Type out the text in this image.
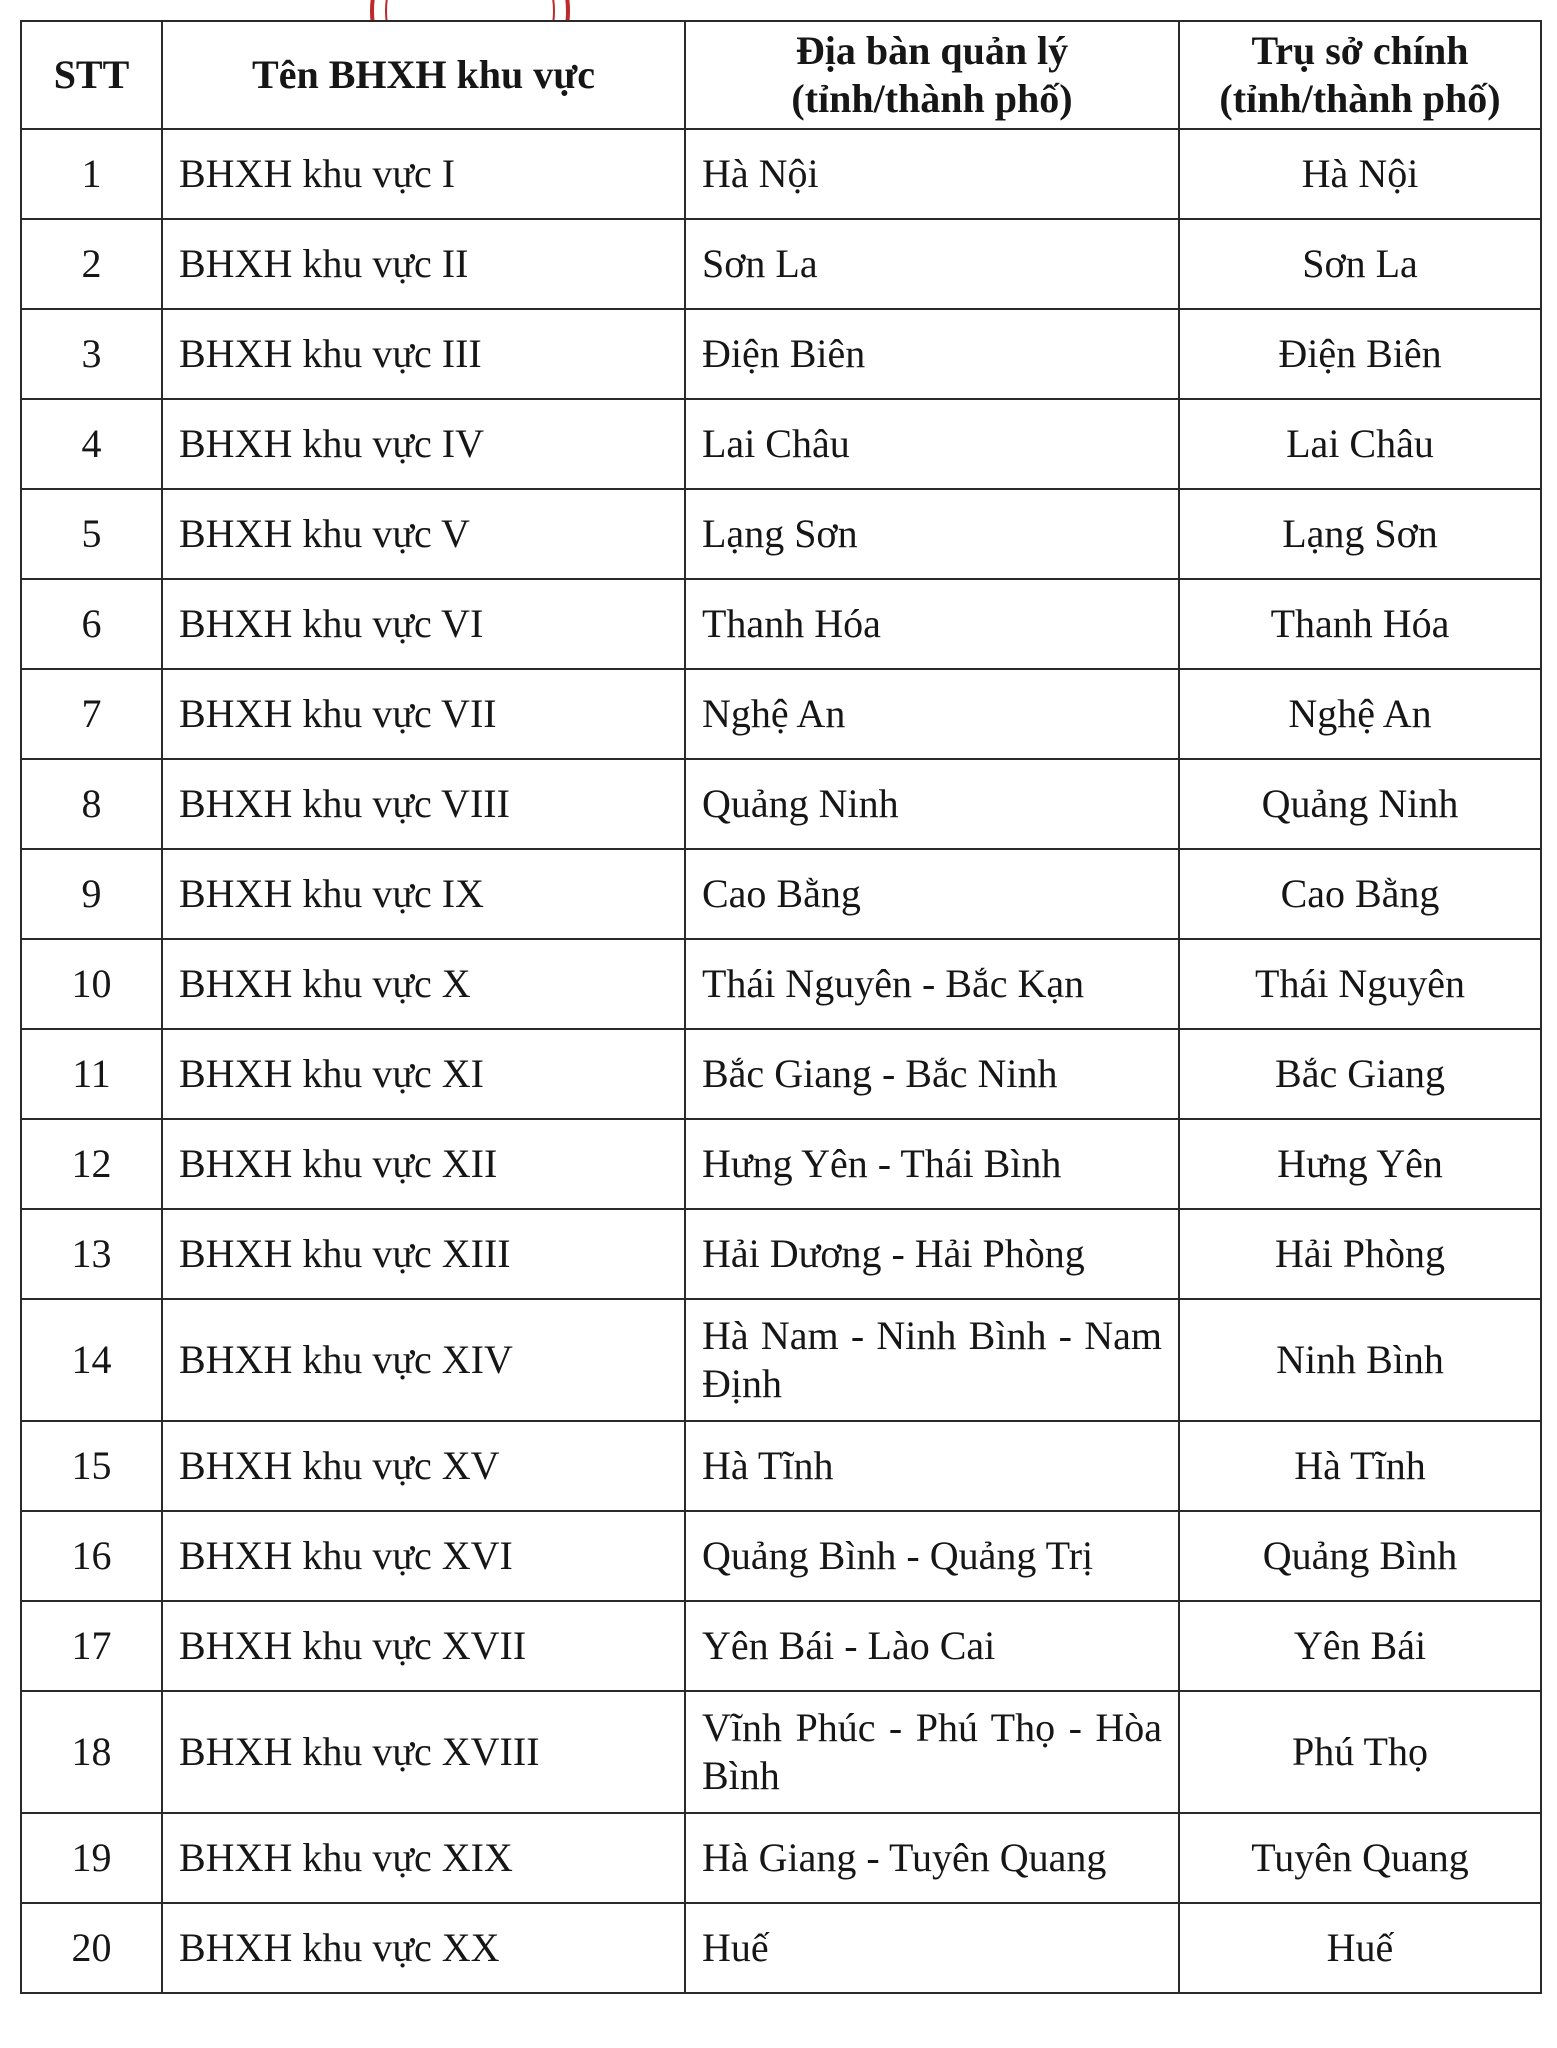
STT	Tên BHXH khu vực	Địa bàn quản lý (tỉnh/thành phố)	Trụ sở chính (tỉnh/thành phố)
1	BHXH khu vực I	Hà Nội	Hà Nội
2	BHXH khu vực II	Sơn La	Sơn La
3	BHXH khu vực III	Điện Biên	Điện Biên
4	BHXH khu vực IV	Lai Châu	Lai Châu
5	BHXH khu vực V	Lạng Sơn	Lạng Sơn
6	BHXH khu vực VI	Thanh Hóa	Thanh Hóa
7	BHXH khu vực VII	Nghệ An	Nghệ An
8	BHXH khu vực VIII	Quảng Ninh	Quảng Ninh
9	BHXH khu vực IX	Cao Bằng	Cao Bằng
10	BHXH khu vực X	Thái Nguyên - Bắc Kạn	Thái Nguyên
11	BHXH khu vực XI	Bắc Giang - Bắc Ninh	Bắc Giang
12	BHXH khu vực XII	Hưng Yên - Thái Bình	Hưng Yên
13	BHXH khu vực XIII	Hải Dương - Hải Phòng	Hải Phòng
14	BHXH khu vực XIV	Hà Nam - Ninh Bình - Nam Định	Ninh Bình
15	BHXH khu vực XV	Hà Tĩnh	Hà Tĩnh
16	BHXH khu vực XVI	Quảng Bình - Quảng Trị	Quảng Bình
17	BHXH khu vực XVII	Yên Bái - Lào Cai	Yên Bái
18	BHXH khu vực XVIII	Vĩnh Phúc - Phú Thọ - Hòa Bình	Phú Thọ
19	BHXH khu vực XIX	Hà Giang - Tuyên Quang	Tuyên Quang
20	BHXH khu vực XX	Huế	Huế
